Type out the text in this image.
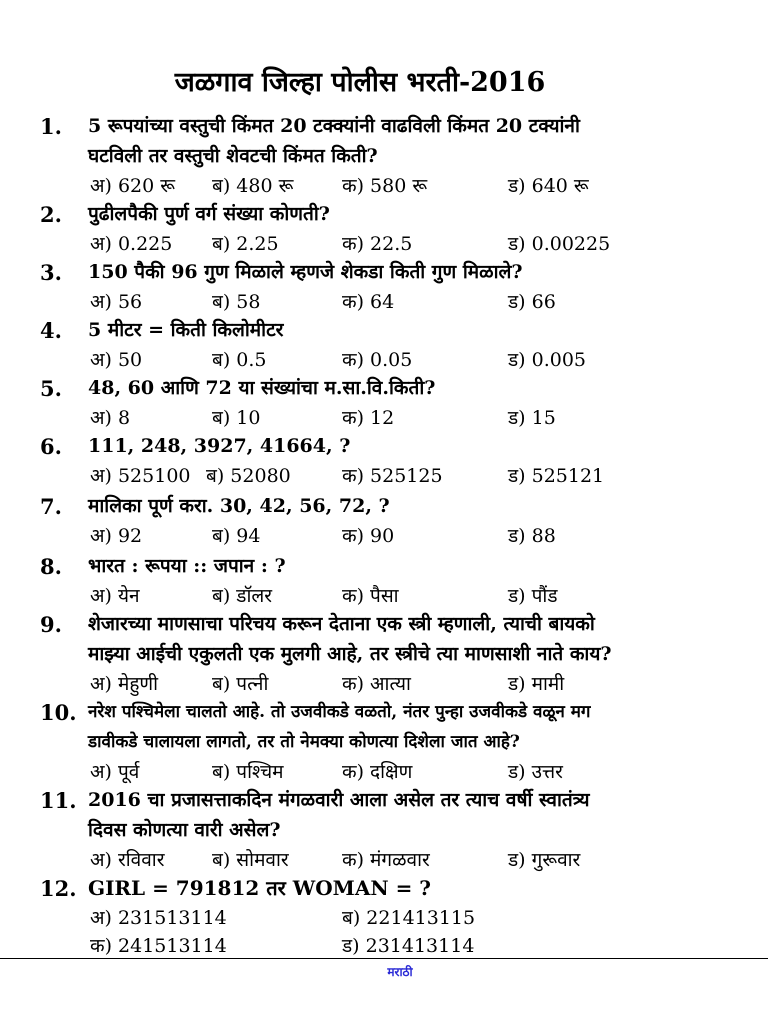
जळगाव जिल्हा पोलीस भरती-2016
1. 5 रूपयांच्या वस्तुची किंमत 20 टक्क्यांनी वाढविली किंमत 20 टक्यांनी
घटविली तर वस्तुची शेवटची किंमत किती?
अ) 620 रू ब) 480 रू	क) 580 रू	ड) 640 रू
2. पुढीलपैकी पुर्ण वर्ग संख्या कोणती?
अ) 0.225 ब) 2.25	क) 22.5	ड) 0.00225
3. 150 पैकी 96 गुण मिळाले म्हणजे शेकडा किती गुण मिळाले?
अ) 56	ब) 58	क) 64	ड) 66
4. 5 मीटर = किती किलोमीटर
अ) 50	ब) 0.5	क) 0.05	ड) 0.005
5. 48, 60 आणि 72 या संख्यांचा म.सा.वि.किती?
अ) 8	ब) 10	क) 12	ड) 15
6. 111, 248, 3927, 41664, ?
अ) 525100 ब) 52080	क) 525125	ड) 525121
7. मालिका पूर्ण करा. 30, 42, 56, 72, ?
अ) 92	ब) 94	क) 90	ड) 88
8. भारत : रूपया :: जपान : ?
अ) येन	ब) डॉलर	क) पैसा	ड) पौंड
9. शेजारच्या माणसाचा परिचय करून देताना एक स्त्री म्हणाली, त्याची बायको
माझ्या आईची एकुलती एक मुलगी आहे, तर स्त्रीचे त्या माणसाशी नाते काय?
अ) मेहुणी	ब) पत्नी	क) आत्या	ड) मामी
10. नरेश पश्चिमेला चालतो आहे. तो उजवीकडे वळतो, नंतर पुन्हा उजवीकडे वळून मग
डावीकडे चालायला लागतो, तर तो नेमक्या कोणत्या दिशेला जात आहे?
अ) पूर्व	ब) पश्चिम	क) दक्षिण	ड) उत्तर
11. 2016 चा प्रजासत्ताकदिन मंगळवारी आला असेल तर त्याच वर्षी स्वातंत्र्य
दिवस कोणत्या वारी असेल?
अ) रविवार	ब) सोमवार	क) मंगळवार	ड) गुरूवार
12. GIRL = 791812 तर WOMAN = ?
अ) 231513114	ब) 221413115
क) 241513114	ड) 231413114
मराठी
